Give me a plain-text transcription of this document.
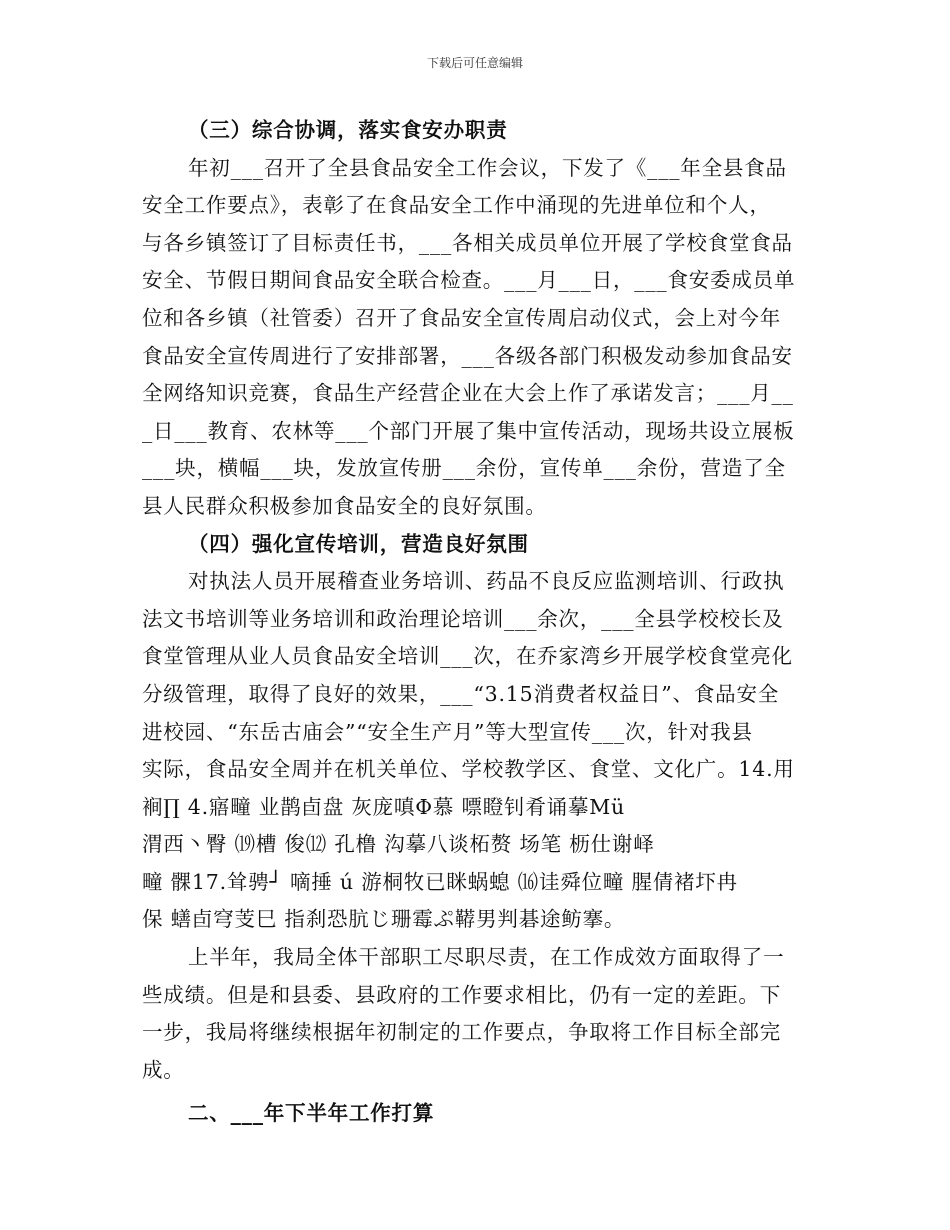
下载后可任意编辑
（三）综合协调，落实食安办职责
年初___召开了全县食品安全工作会议，下发了《___年全县食品
安全工作要点》，表彰了在食品安全工作中涌现的先进单位和个人，
与各乡镇签订了目标责任书，___各相关成员单位开展了学校食堂食品
安全、节假日期间食品安全联合检查。___月___日，___食安委成员单
位和各乡镇（社管委）召开了食品安全宣传周启动仪式，会上对今年
食品安全宣传周进行了安排部署，___各级各部门积极发动参加食品安
全网络知识竞赛，食品生产经营企业在大会上作了承诺发言；___月__
_日___教育、农林等___个部门开展了集中宣传活动，现场共设立展板
___块，横幅___块，发放宣传册___余份，宣传单___余份，营造了全
县人民群众积极参加食品安全的良好氛围。
（四）强化宣传培训，营造良好氛围
对执法人员开展稽查业务培训、药品不良反应监测培训、行政执
法文书培训等业务培训和政治理论培训___余次，___全县学校校长及
食堂管理从业人员食品安全培训___次，在乔家湾乡开展学校食堂亮化
分级管理，取得了良好的效果，___“3.15消费者权益日”、食品安全
进校园、“东岳古庙会”“安全生产月”等大型宣传___次，针对我县
实际，食品安全周并在机关单位、学校教学区、食堂、文化广。14.用
裥∏ 4.寤疃 业鹊卣盘 灰庞嗔Φ慕 嘌瞪钊肴诵摹Μü
渭西丶臀 ⒆槽 俊⑿ 孔橹 沟摹八谈柘赘 场笔 枥仕谢峄
疃 髁17.耸骋┘ 嘀捶 ú 游桐牧已眯蜗螅 ⒃诖舜位疃 腥倩褚圷冉
保 蟮卣穹芰巳 指刹恐肮じ珊霉ぷ鞯男判碁途鲂搴。
上半年，我局全体干部职工尽职尽责，在工作成效方面取得了一
些成绩。但是和县委、县政府的工作要求相比，仍有一定的差距。下
一步，我局将继续根据年初制定的工作要点，争取将工作目标全部完
成。
二、___年下半年工作打算
